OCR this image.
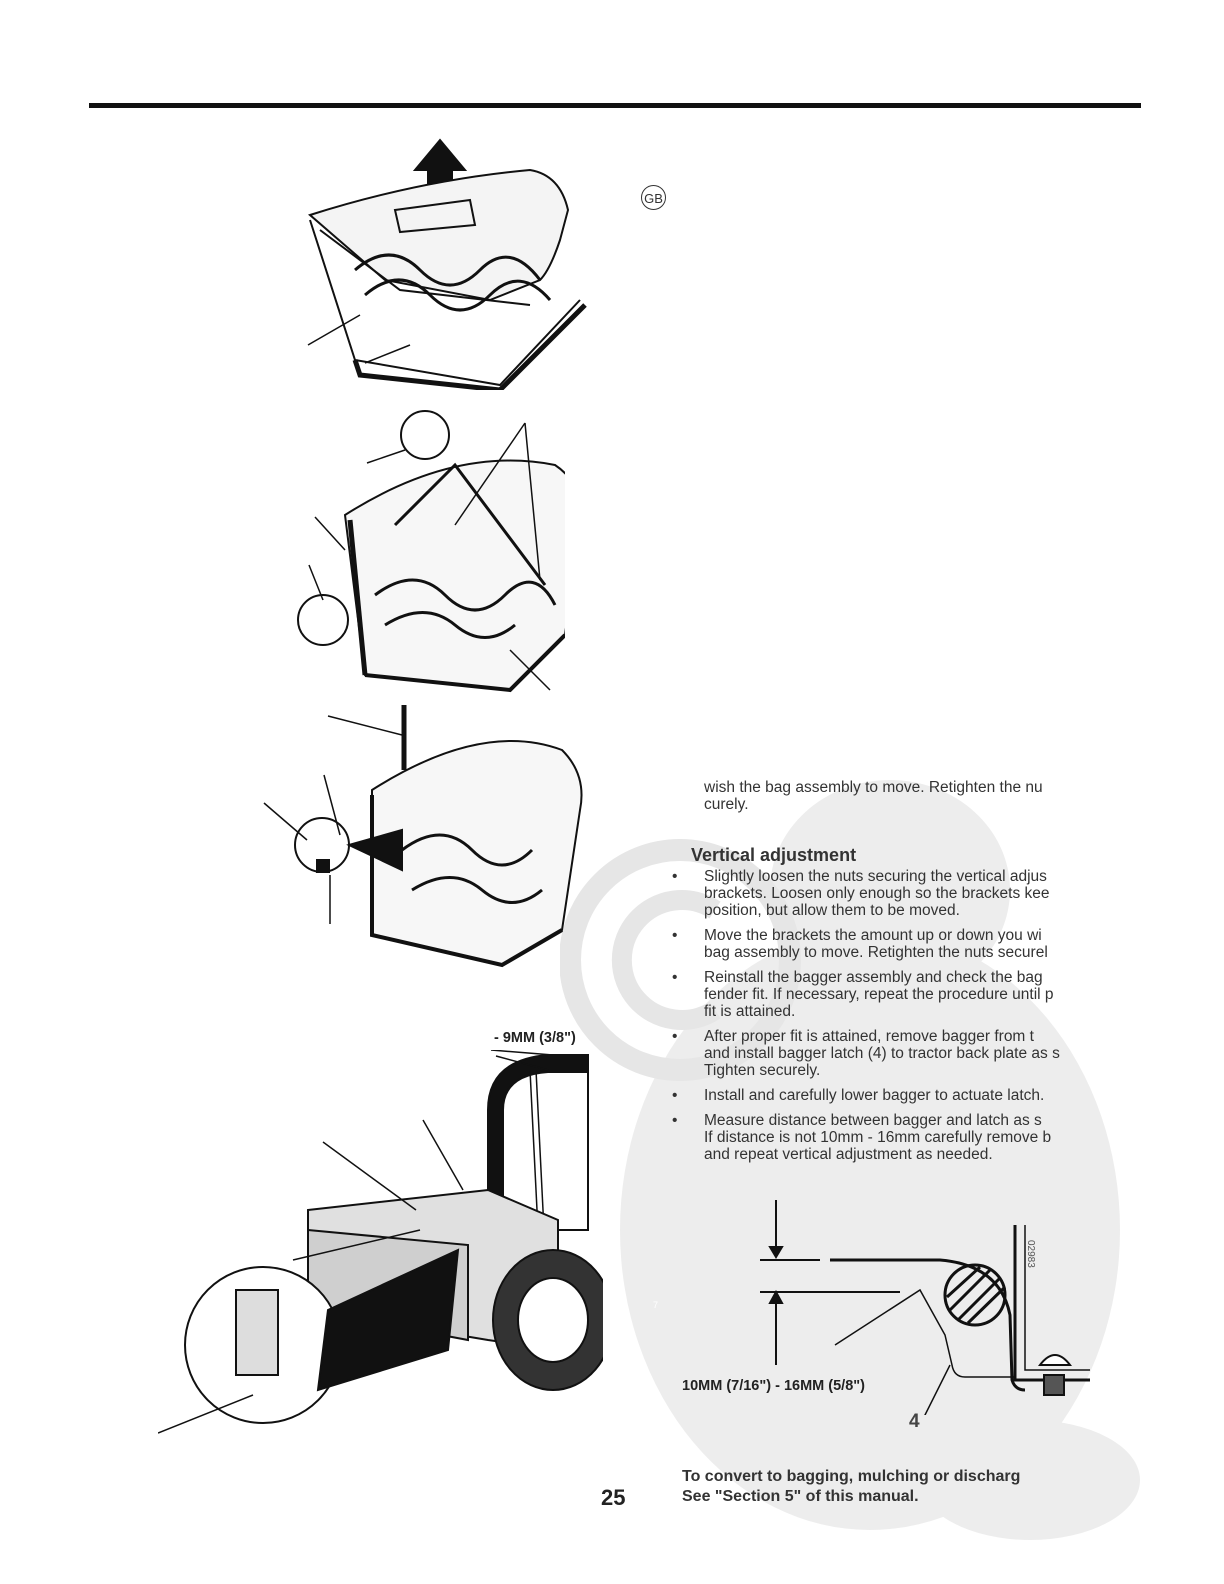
GB
- 9MM (3/8")
7
02983
10MM (7/16") - 16MM (5/8")
4
wish the bag assembly to move. Retighten the nu
curely.
Vertical adjustment
• Slightly loosen the nuts securing the vertical adjus
brackets. Loosen only enough so the brackets kee
position, but allow them to be moved.
• Move the brackets the amount up or down you wi
bag assembly to move. Retighten the nuts securel
• Reinstall the bagger assembly and check the bag
fender fit. If necessary, repeat the procedure until p
fit is attained.
• After proper fit is attained, remove bagger from t
and install bagger latch (4) to tractor back plate as s
Tighten securely.
• Install and carefully lower bagger to actuate latch.
• Measure distance between bagger and latch as s
If distance is not 10mm - 16mm carefully remove b
and repeat vertical adjustment as needed.
To convert to bagging, mulching or discharg
See "Section 5" of this manual.
25
